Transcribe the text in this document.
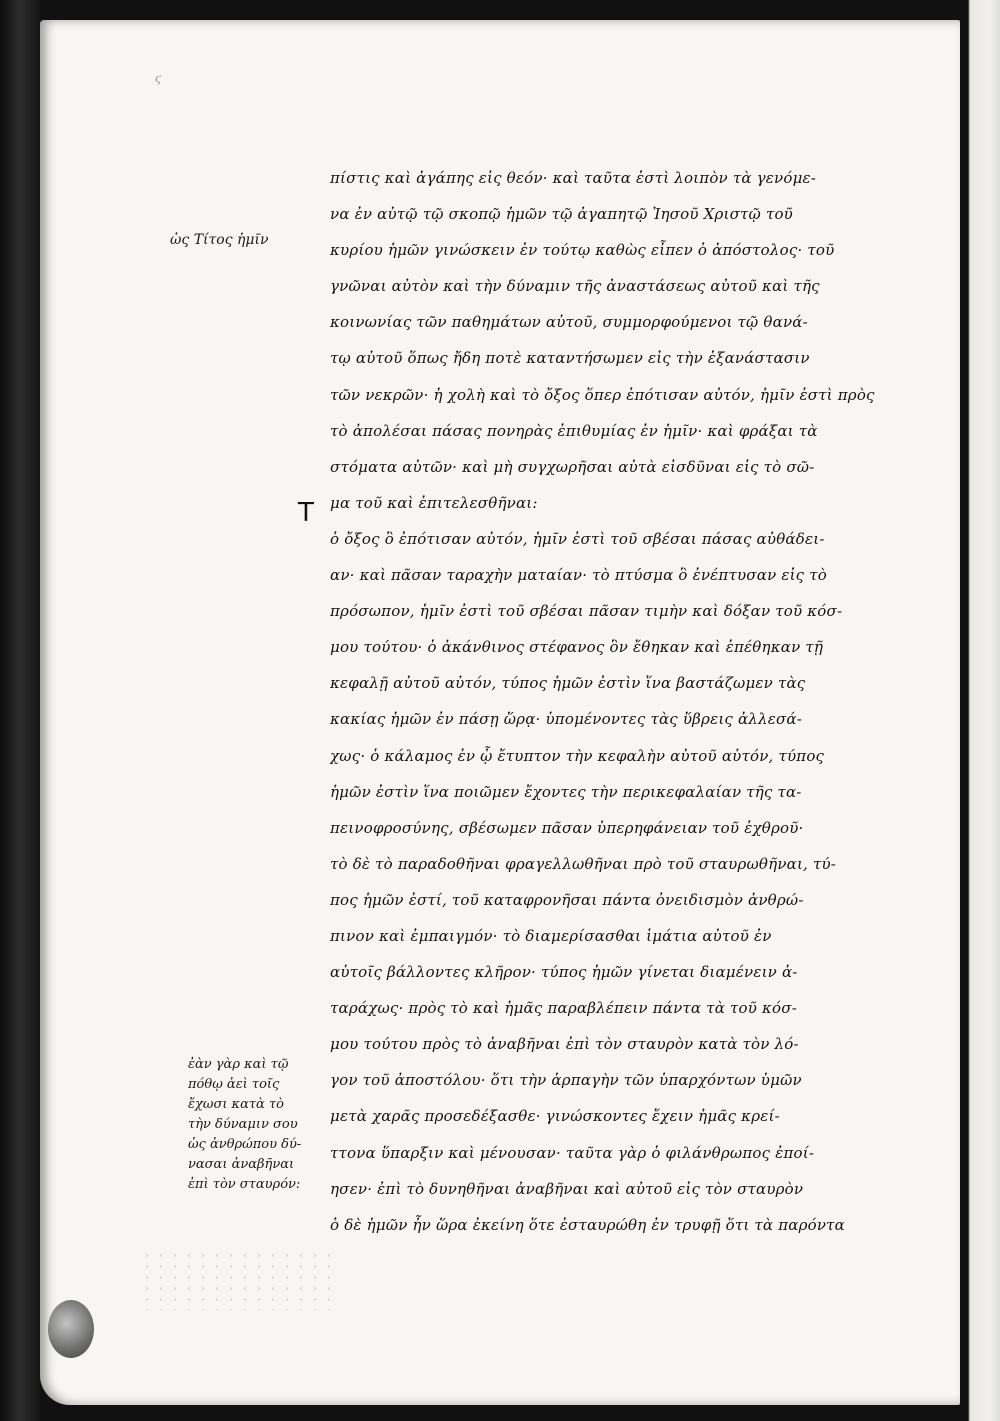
ϛ
ὡς Τίτος ἡμῖν
Τ
πίστις καὶ ἀγάπης εἰς θεόν· καὶ ταῦτα ἐστὶ λοιπὸν τὰ γενόμε-
να ἐν αὐτῷ τῷ σκοπῷ ἡμῶν τῷ ἀγαπητῷ Ἰησοῦ Χριστῷ τοῦ
κυρίου ἡμῶν γινώσκειν ἐν τούτῳ καθὼς εἶπεν ὁ ἀπόστολος· τοῦ
γνῶναι αὐτὸν καὶ τὴν δύναμιν τῆς ἀναστάσεως αὐτοῦ καὶ τῆς
κοινωνίας τῶν παθημάτων αὐτοῦ, συμμορφούμενοι τῷ θανά-
τῳ αὐτοῦ ὅπως ἤδη ποτὲ καταντήσωμεν εἰς τὴν ἐξανάστασιν
τῶν νεκρῶν· ἡ χολὴ καὶ τὸ ὄξος ὅπερ ἐπότισαν αὐτόν, ἡμῖν ἐστὶ πρὸς
τὸ ἀπολέσαι πάσας πονηρὰς ἐπιθυμίας ἐν ἡμῖν· καὶ φράξαι τὰ
στόματα αὐτῶν· καὶ μὴ συγχωρῆσαι αὐτὰ εἰσδῦναι εἰς τὸ σῶ-
μα τοῦ καὶ ἐπιτελεσθῆναι:
ὁ ὄξος ὃ ἐπότισαν αὐτόν, ἡμῖν ἐστὶ τοῦ σβέσαι πάσας αὐθάδει-
αν· καὶ πᾶσαν ταραχὴν ματαίαν· τὸ πτύσμα ὃ ἐνέπτυσαν εἰς τὸ
πρόσωπον, ἡμῖν ἐστὶ τοῦ σβέσαι πᾶσαν τιμὴν καὶ δόξαν τοῦ κόσ-
μου τούτου· ὁ ἀκάνθινος στέφανος ὃν ἔθηκαν καὶ ἐπέθηκαν τῇ
κεφαλῇ αὐτοῦ αὐτόν, τύπος ἡμῶν ἐστὶν ἵνα βαστάζωμεν τὰς
κακίας ἡμῶν ἐν πάσῃ ὥρᾳ· ὑπομένοντες τὰς ὕβρεις ἀλλεσά-
χως· ὁ κάλαμος ἐν ᾧ ἔτυπτον τὴν κεφαλὴν αὐτοῦ αὐτόν, τύπος
ἡμῶν ἐστὶν ἵνα ποιῶμεν ἔχοντες τὴν περικεφαλαίαν τῆς τα-
πεινοφροσύνης, σβέσωμεν πᾶσαν ὑπερηφάνειαν τοῦ ἐχθροῦ·
τὸ δὲ τὸ παραδοθῆναι φραγελλωθῆναι πρὸ τοῦ σταυρωθῆναι, τύ-
πος ἡμῶν ἐστί, τοῦ καταφρονῆσαι πάντα ὀνειδισμὸν ἀνθρώ-
πινον καὶ ἐμπαιγμόν· τὸ διαμερίσασθαι ἱμάτια αὐτοῦ ἐν
αὐτοῖς βάλλοντες κλῆρον· τύπος ἡμῶν γίνεται διαμένειν ἀ-
ταράχως· πρὸς τὸ καὶ ἡμᾶς παραβλέπειν πάντα τὰ τοῦ κόσ-
μου τούτου πρὸς τὸ ἀναβῆναι ἐπὶ τὸν σταυρὸν κατὰ τὸν λό-
γον τοῦ ἀποστόλου· ὅτι τὴν ἁρπαγὴν τῶν ὑπαρχόντων ὑμῶν
μετὰ χαρᾶς προσεδέξασθε· γινώσκοντες ἔχειν ἡμᾶς κρεί-
ττονα ὕπαρξιν καὶ μένουσαν· ταῦτα γὰρ ὁ φιλάνθρωπος ἐποί-
ησεν· ἐπὶ τὸ δυνηθῆναι ἀναβῆναι καὶ αὐτοῦ εἰς τὸν σταυρὸν
ὁ δὲ ἡμῶν ἦν ὥρα ἐκείνη ὅτε ἐσταυρώθη ἐν τρυφῇ ὅτι τὰ παρόντα
ἐὰν γὰρ καὶ τῷ
πόθῳ ἀεὶ τοῖς
ἔχωσι κατὰ τὸ
τὴν δύναμιν σου
ὡς ἀνθρώπου δύ-
νασαι ἀναβῆναι
ἐπὶ τὸν σταυρόν:
